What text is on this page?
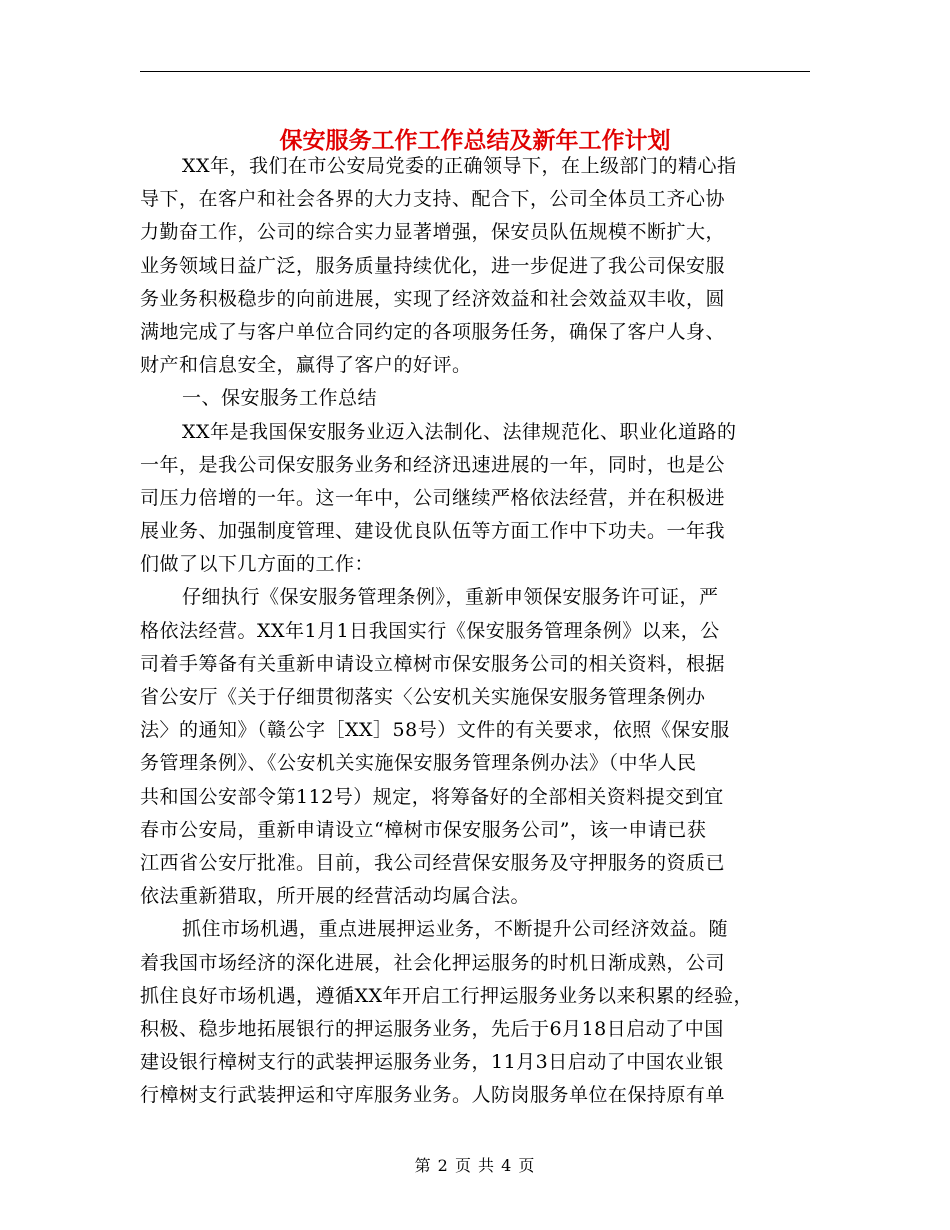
保安服务工作工作总结及新年工作计划
XX年，我们在市公安局党委的正确领导下，在上级部门的精心指
导下，在客户和社会各界的大力支持、配合下，公司全体员工齐心协
力勤奋工作，公司的综合实力显著增强，保安员队伍规模不断扩大，
业务领域日益广泛，服务质量持续优化，进一步促进了我公司保安服
务业务积极稳步的向前进展，实现了经济效益和社会效益双丰收，圆
满地完成了与客户单位合同约定的各项服务任务，确保了客户人身、
财产和信息安全，赢得了客户的好评。
一、保安服务工作总结
XX年是我国保安服务业迈入法制化、法律规范化、职业化道路的
一年，是我公司保安服务业务和经济迅速进展的一年，同时，也是公
司压力倍增的一年。这一年中，公司继续严格依法经营，并在积极进
展业务、加强制度管理、建设优良队伍等方面工作中下功夫。一年我
们做了以下几方面的工作：
仔细执行《保安服务管理条例》，重新申领保安服务许可证，严
格依法经营。XX年1月1日我国实行《保安服务管理条例》以来，公
司着手筹备有关重新申请设立樟树市保安服务公司的相关资料，根据
省公安厅《关于仔细贯彻落实〈公安机关实施保安服务管理条例办
法〉的通知》（赣公字［XX］58号）文件的有关要求，依照《保安服
务管理条例》、《公安机关实施保安服务管理条例办法》（中华人民
共和国公安部令第112号）规定，将筹备好的全部相关资料提交到宜
春市公安局，重新申请设立“樟树市保安服务公司”，该一申请已获
江西省公安厅批准。目前，我公司经营保安服务及守押服务的资质已
依法重新猎取，所开展的经营活动均属合法。
抓住市场机遇，重点进展押运业务，不断提升公司经济效益。随
着我国市场经济的深化进展，社会化押运服务的时机日渐成熟，公司
抓住良好市场机遇，遵循XX年开启工行押运服务业务以来积累的经验，
积极、稳步地拓展银行的押运服务业务，先后于6月18日启动了中国
建设银行樟树支行的武装押运服务业务，11月3日启动了中国农业银
行樟树支行武装押运和守库服务业务。人防岗服务单位在保持原有单
第 2 页 共 4 页
